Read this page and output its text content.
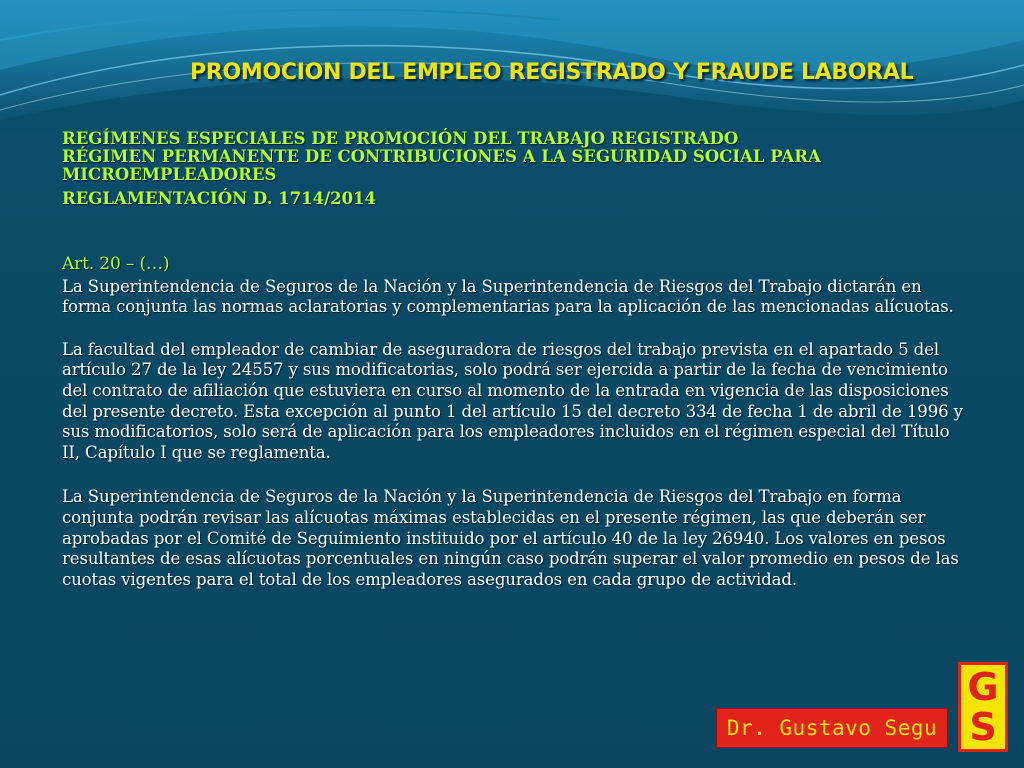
PROMOCION DEL EMPLEO REGISTRADO Y FRAUDE LABORAL
REGÍMENES ESPECIALES DE PROMOCIÓN DEL TRABAJO REGISTRADO
RÉGIMEN PERMANENTE DE CONTRIBUCIONES A LA SEGURIDAD SOCIAL PARA MICROEMPLEADORES
REGLAMENTACIÓN D. 1714/2014
Art. 20 – (…)

La Superintendencia de Seguros de la Nación y la Superintendencia de Riesgos del Trabajo dictarán en forma conjunta las normas aclaratorias y complementarias para la aplicación de las mencionadas alícuotas.

La facultad del empleador de cambiar de aseguradora de riesgos del trabajo prevista en el apartado 5 del artículo 27 de la ley 24557 y sus modificatorias, solo podrá ser ejercida a partir de la fecha de vencimiento del contrato de afiliación que estuviera en curso al momento de la entrada en vigencia de las disposiciones del presente decreto. Esta excepción al punto 1 del artículo 15 del decreto 334 de fecha 1 de abril de 1996 y sus modificatorios, solo será de aplicación para los empleadores incluidos en el régimen especial del Título II, Capítulo I que se reglamenta.

La Superintendencia de Seguros de la Nación y la Superintendencia de Riesgos del Trabajo en forma conjunta podrán revisar las alícuotas máximas establecidas en el presente régimen, las que deberán ser aprobadas por el Comité de Seguimiento instituido por el artículo 40 de la ley 26940. Los valores en pesos resultantes de esas alícuotas porcentuales en ningún caso podrán superar el valor promedio en pesos de las cuotas vigentes para el total de los empleadores asegurados en cada grupo de actividad.

Dr. Gustavo Segu
G
S
